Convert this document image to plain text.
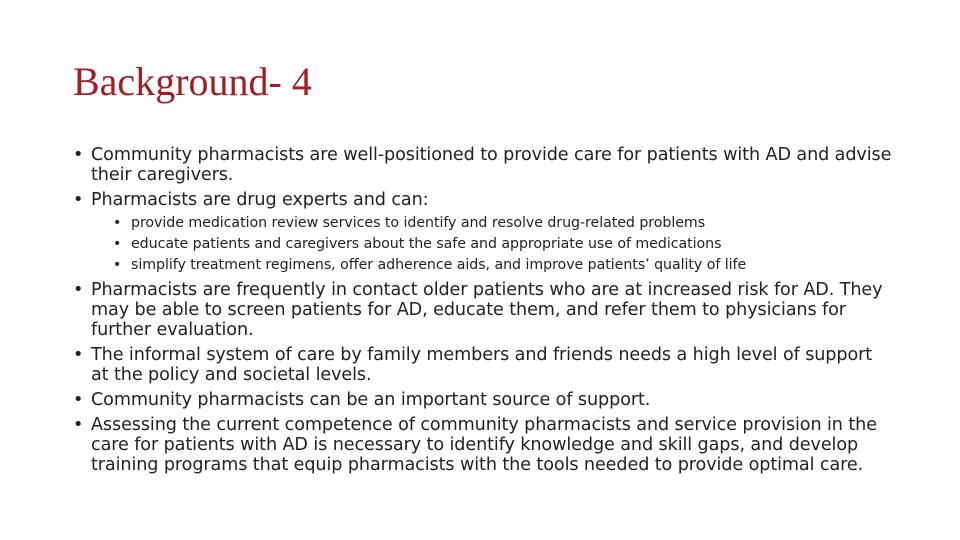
Background- 4
• Community pharmacists are well-positioned to provide care for patients with AD and advise their caregivers.
• Pharmacists are drug experts and can:
• provide medication review services to identify and resolve drug-related problems
• educate patients and caregivers about the safe and appropriate use of medications
• simplify treatment regimens, offer adherence aids, and improve patients’ quality of life
• Pharmacists are frequently in contact older patients who are at increased risk for AD. They may be able to screen patients for AD, educate them, and refer them to physicians for further evaluation.
• The informal system of care by family members and friends needs a high level of support at the policy and societal levels.
• Community pharmacists can be an important source of support.
• Assessing the current competence of community pharmacists and service provision in the care for patients with AD is necessary to identify knowledge and skill gaps, and develop training programs that equip pharmacists with the tools needed to provide optimal care.
